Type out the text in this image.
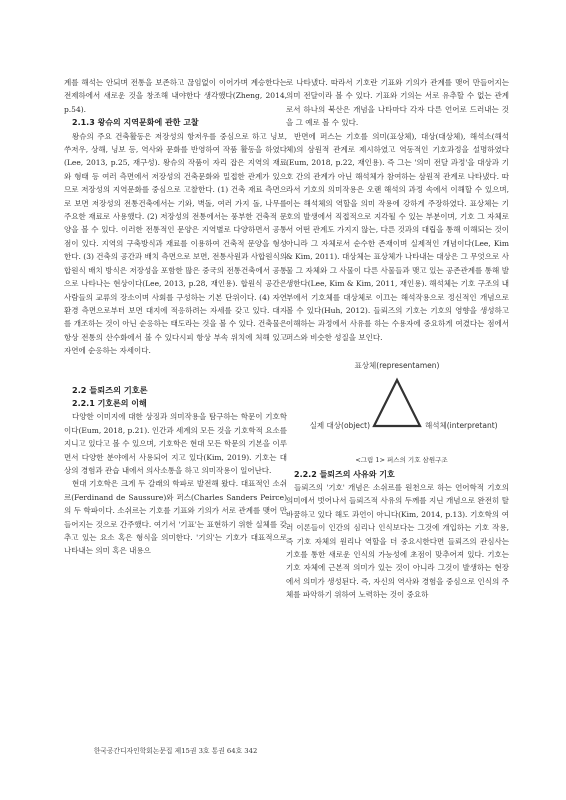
계를 해석는 안되며 전통을 보존하고 끊임없이 이어가며 계승한다는 전제하에서 새로운 것을 창조해 내야한다 생각했다(Zheng, 2014, p.54).

2.1.3 왕슈의 지역문화에 관한 고찰

왕슈의 주요 건축활동은 저장성의 항저우를 중심으로 하고 닝보, 쑤저우, 상해, 닝보 등, 역사와 문화를 반영하여 작품 활동을 하였다(Lee, 2013, p.25, 재구성). 왕슈의 작품이 자리 잡은 지역의 재료와 형태 등 여러 측면에서 저장성의 건축문화와 밀접한 관계가 있으므로 저장성의 지역문화를 중심으로 고찰한다. (1) 건축 재료 측면으로 보면 저장성의 전통건축에서는 기와, 벽돌, 여러 가지 돌, 나무를 주요한 재료로 사용했다. (2) 저장성의 전통에서는 풍부한 건축적 문양을 볼 수 있다. 이러한 전통적인 문양은 지역별로 다양하면서 공통점이 있다. 지역의 구축방식과 재료를 이용하여 건축적 문양을 형성한다. (3) 건축의 공간과 배치 측면으로 보면, 전통사원과 사합원식의 합원식 배치 방식은 저장성을 포함한 많은 중국의 전통건축에서 공통으로 나타나는 현상이다(Lee, 2013, p.28, 재인용). 합원식 공간은 사람들의 교류의 장소이며 사회를 구성하는 기본 단위이다. (4) 자연환경 측면으로부터 보면 대지에 적응하려는 자세를 갖고 있다. 대지를 개조하는 것이 아닌 순응하는 태도라는 것을 볼 수 있다. 건축물은 항상 전통의 산수화에서 볼 수 있다시피 항상 부속 위치에 처해 있고 자연에 순응하는 자세이다.

2.2 들뢰즈의 기호론

2.2.1 기호론의 이해

다양한 이미지에 대한 상징과 의미작용을 탐구하는 학문이 기호학이다(Eum, 2018, p.21). 인간과 세계의 모든 것을 기호학적 요소를 지니고 있다고 볼 수 있으며, 기호학은 현대 모든 학문의 기본을 이루면서 다양한 분야에서 사용되어 지고 있다(Kim, 2019). 기호는 대상의 경험과 관습 내에서 의사소통을 하고 의미작용이 일어난다.

현대 기호학은 크게 두 갈래의 학파로 발전해 왔다. 대표적인 소쉬르(Ferdinand de Saussure)와 퍼스(Charles Sanders Peirce)의 두 학파이다. 소쉬르는 기호를 기표와 기의가 서로 관계를 맺어 만들어지는 것으로 간주했다. 여기서 '기표'는 표현하기 위한 실체를 갖추고 있는 요소 혹은 형식을 의미한다. '기의'는 기호가 대표적으로 나타내는 의미 혹은 내용으

로 나타냈다. 따라서 기호란 기표와 기의가 관계를 맺어 만들어지는 의미 전달이라 볼 수 있다. 기표와 기의는 서로 유추할 수 없는 관계로서 하나의 북산은 개념을 나타마다 각자 다른 언어로 드러내는 것을 그 예로 볼 수 있다.

반면에 퍼스는 기호를 의미(표상체), 대상(대상체), 해석소(해석체)의 삼원적 관계로 제시하였고 역동적인 기호과정을 설명하였다(Eum, 2018, p.22, 재인용). 즉 그는 '의미 전달 과정'을 대상과 기호 간의 관계가 아닌 해석체가 참여하는 삼원적 관계로 나타냈다. 따라서 기호의 의미작용은 오랜 해석의 과정 속에서 이해할 수 있으며, 이는 해석체의 역할을 의미 작용에 강하게 주장하였다. 표상체는 기호의 발생에서 직접적으로 지각될 수 있는 부분이며, 기호 그 자체로서 어떤 관계도 가지지 않는, 다른 것과의 대립을 통해 이해되는 것이 아니라 그 자체로서 순수한 존재이며 실제적인 개념이다(Lee, Kim & Kim, 2011). 대상체는 표상체가 나타내는 대상은 그 무엇으로 사물 그 자체와 그 사물이 다른 사물들과 맺고 있는 공존관계를 통해 발생한다(Lee, Kim & Kim, 2011, 재인용). 해석체는 기호 구조의 내부에서 기호체를 대상체로 이끄는 해석작용으로 정신적인 개념으로 볼 수 있다(Huh, 2012). 들뢰즈의 기호는 기호의 영향을 생성하고 이해하는 과정에서 사유를 하는 수용자에 중요하게 여겼다는 점에서 퍼스와 비슷한 성질을 보인다.

표상체(representamen)
실제 대상(object)	해석체(interpretant)

<그림 1> 퍼스의 기호 삼원구조

2.2.2 들뢰즈의 사유와 기호

들뢰즈의 '기호' 개념은 소쉬르를 원천으로 하는 언어학적 기호의 의미에서 벗어나서 들뢰즈적 사유의 두께를 지닌 개념으로 완전히 탈바꿈하고 있다 해도 과언이 아니다(Kim, 2014, p.13). 기호학의 여러 이론들이 인간의 심리나 인식보다는 그것에 개입하는 기호 작용, 즉 기호 자체의 원리나 역할을 더 중요시한다면 들뢰즈의 관심사는 기호를 통한 새로운 인식의 가능성에 초점이 맞추어져 있다. 기호는 기호 자체에 근본적 의미가 있는 것이 아니라 그것이 발생하는 현장에서 의미가 생성된다. 즉, 자신의 역사와 경험을 중심으로 인식의 주체를 파악하기 위하여 노력하는 것이 중요하

한국공간디자인학회논문집 제15권 3호 통권 64호 342
